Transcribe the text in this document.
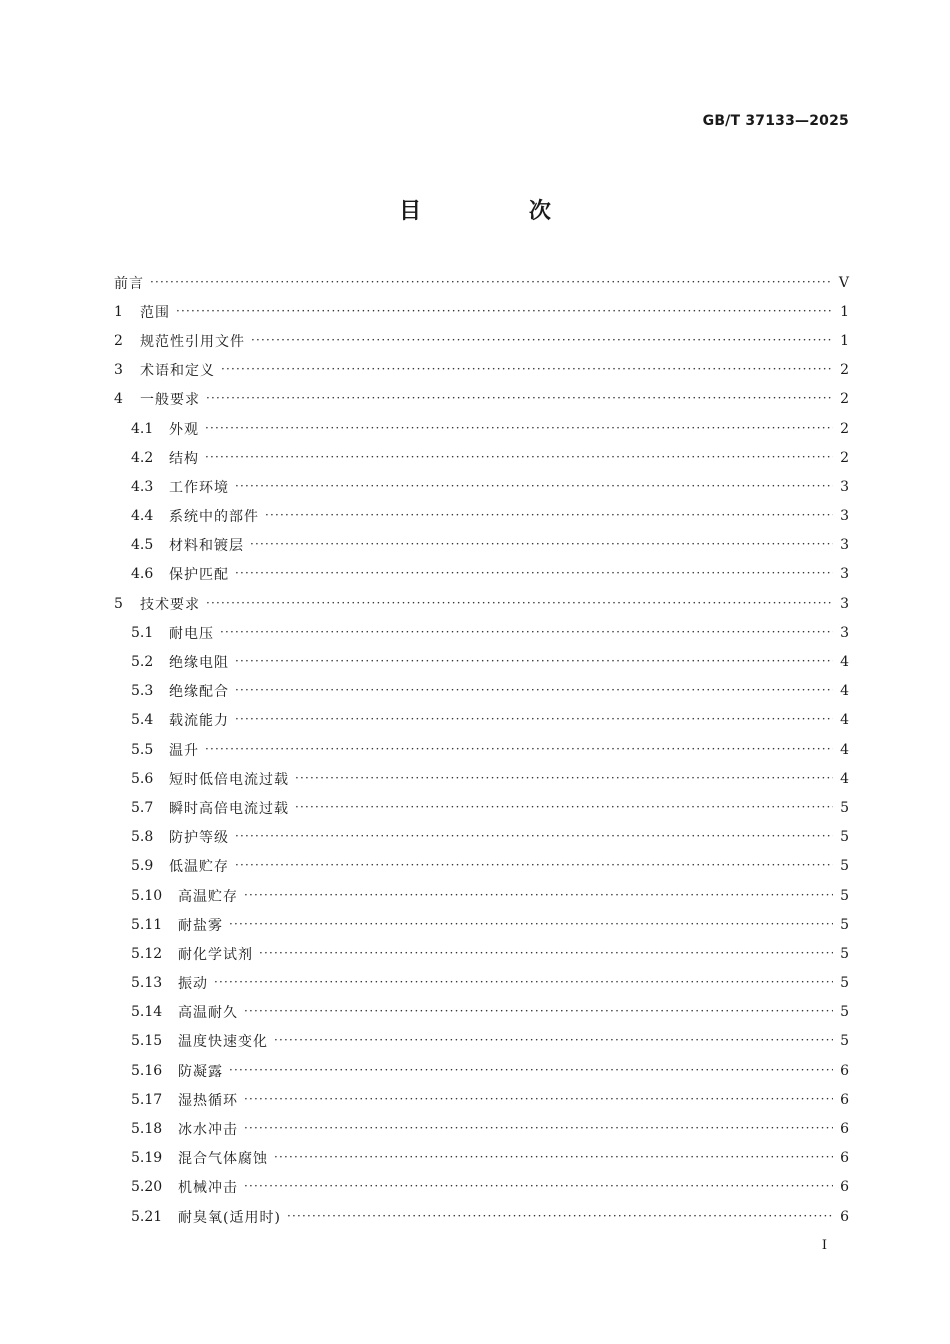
GB/T 37133—2025
目 次
前言 ·····	V
1	范围 ·····	1
2	规范性引用文件 ·····	1
3	术语和定义 ·····	2
4	一般要求 ·····	2
4.1	外观 ·····	2
4.2	结构 ·····	2
4.3	工作环境 ·····	3
4.4	系统中的部件 ·····	3
4.5	材料和镀层 ·····	3
4.6	保护匹配 ·····	3
5	技术要求 ·····	3
5.1	耐电压 ·····	3
5.2	绝缘电阻 ·····	4
5.3	绝缘配合 ·····	4
5.4	载流能力 ·····	4
5.5	温升 ·····	4
5.6	短时低倍电流过载 ·····	4
5.7	瞬时高倍电流过载 ·····	5
5.8	防护等级 ·····	5
5.9	低温贮存 ·····	5
5.10	高温贮存 ·····	5
5.11	耐盐雾 ·····	5
5.12	耐化学试剂 ·····	5
5.13	振动 ·····	5
5.14	高温耐久 ·····	5
5.15	温度快速变化 ·····	5
5.16	防凝露 ·····	6
5.17	湿热循环 ·····	6
5.18	冰水冲击 ·····	6
5.19	混合气体腐蚀 ·····	6
5.20	机械冲击 ·····	6
5.21	耐臭氧(适用时) ·····	6
I
